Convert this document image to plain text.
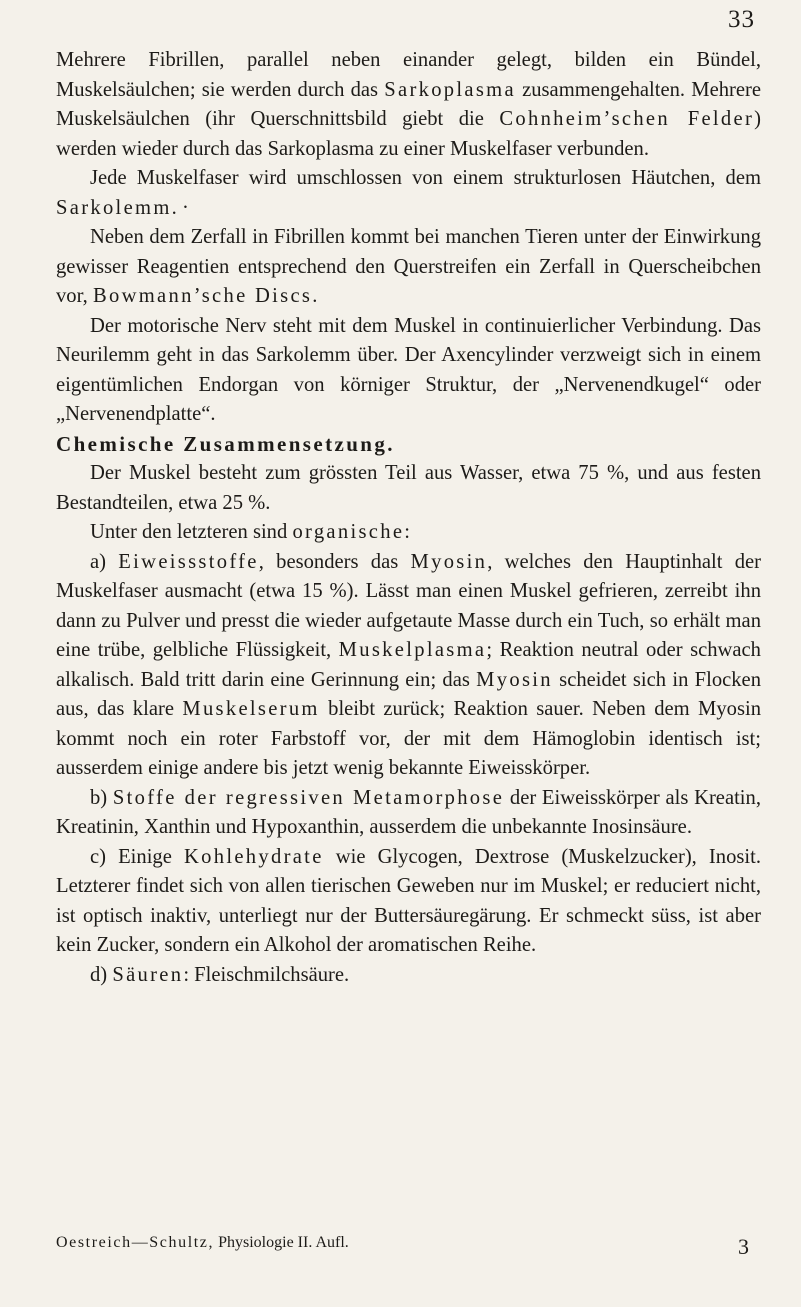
33

Mehrere Fibrillen, parallel neben einander gelegt, bilden ein Bündel, Muskelsäulchen; sie werden durch das Sarkoplasma zusammengehalten. Mehrere Muskelsäulchen (ihr Querschnittsbild giebt die Cohnheim’schen Felder) werden wieder durch das Sarkoplasma zu einer Muskelfaser verbunden.

Jede Muskelfaser wird umschlossen von einem strukturlosen Häutchen, dem Sarkolemm. ·

Neben dem Zerfall in Fibrillen kommt bei manchen Tieren unter der Einwirkung gewisser Reagentien entsprechend den Querstreifen ein Zerfall in Querscheibchen vor, Bowmann’sche Discs.

Der motorische Nerv steht mit dem Muskel in continuierlicher Verbindung. Das Neurilemm geht in das Sarkolemm über. Der Axencylinder verzweigt sich in einem eigentümlichen Endorgan von körniger Struktur, der „Nervenendkugel“ oder „Nervenendplatte“.

Chemische Zusammensetzung.

Der Muskel besteht zum grössten Teil aus Wasser, etwa 75 %, und aus festen Bestandteilen, etwa 25 %.

Unter den letzteren sind organische:

a) Eiweissstoffe, besonders das Myosin, welches den Hauptinhalt der Muskelfaser ausmacht (etwa 15 %). Lässt man einen Muskel gefrieren, zerreibt ihn dann zu Pulver und presst die wieder aufgetaute Masse durch ein Tuch, so erhält man eine trübe, gelbliche Flüssigkeit, Muskelplasma; Reaktion neutral oder schwach alkalisch. Bald tritt darin eine Gerinnung ein; das Myosin scheidet sich in Flocken aus, das klare Muskelserum bleibt zurück; Reaktion sauer. Neben dem Myosin kommt noch ein roter Farbstoff vor, der mit dem Hämoglobin identisch ist; ausserdem einige andere bis jetzt wenig bekannte Eiweisskörper.

b) Stoffe der regressiven Metamorphose der Eiweisskörper als Kreatin, Kreatinin, Xanthin und Hypoxanthin, ausserdem die unbekannte Inosinsäure.

c) Einige Kohlehydrate wie Glycogen, Dextrose (Muskelzucker), Inosit. Letzterer findet sich von allen tierischen Geweben nur im Muskel; er reduciert nicht, ist optisch inaktiv, unterliegt nur der Buttersäuregärung. Er schmeckt süss, ist aber kein Zucker, sondern ein Alkohol der aromatischen Reihe.

d) Säuren: Fleischmilchsäure.

Oestreich—Schultz, Physiologie II. Aufl.	3
